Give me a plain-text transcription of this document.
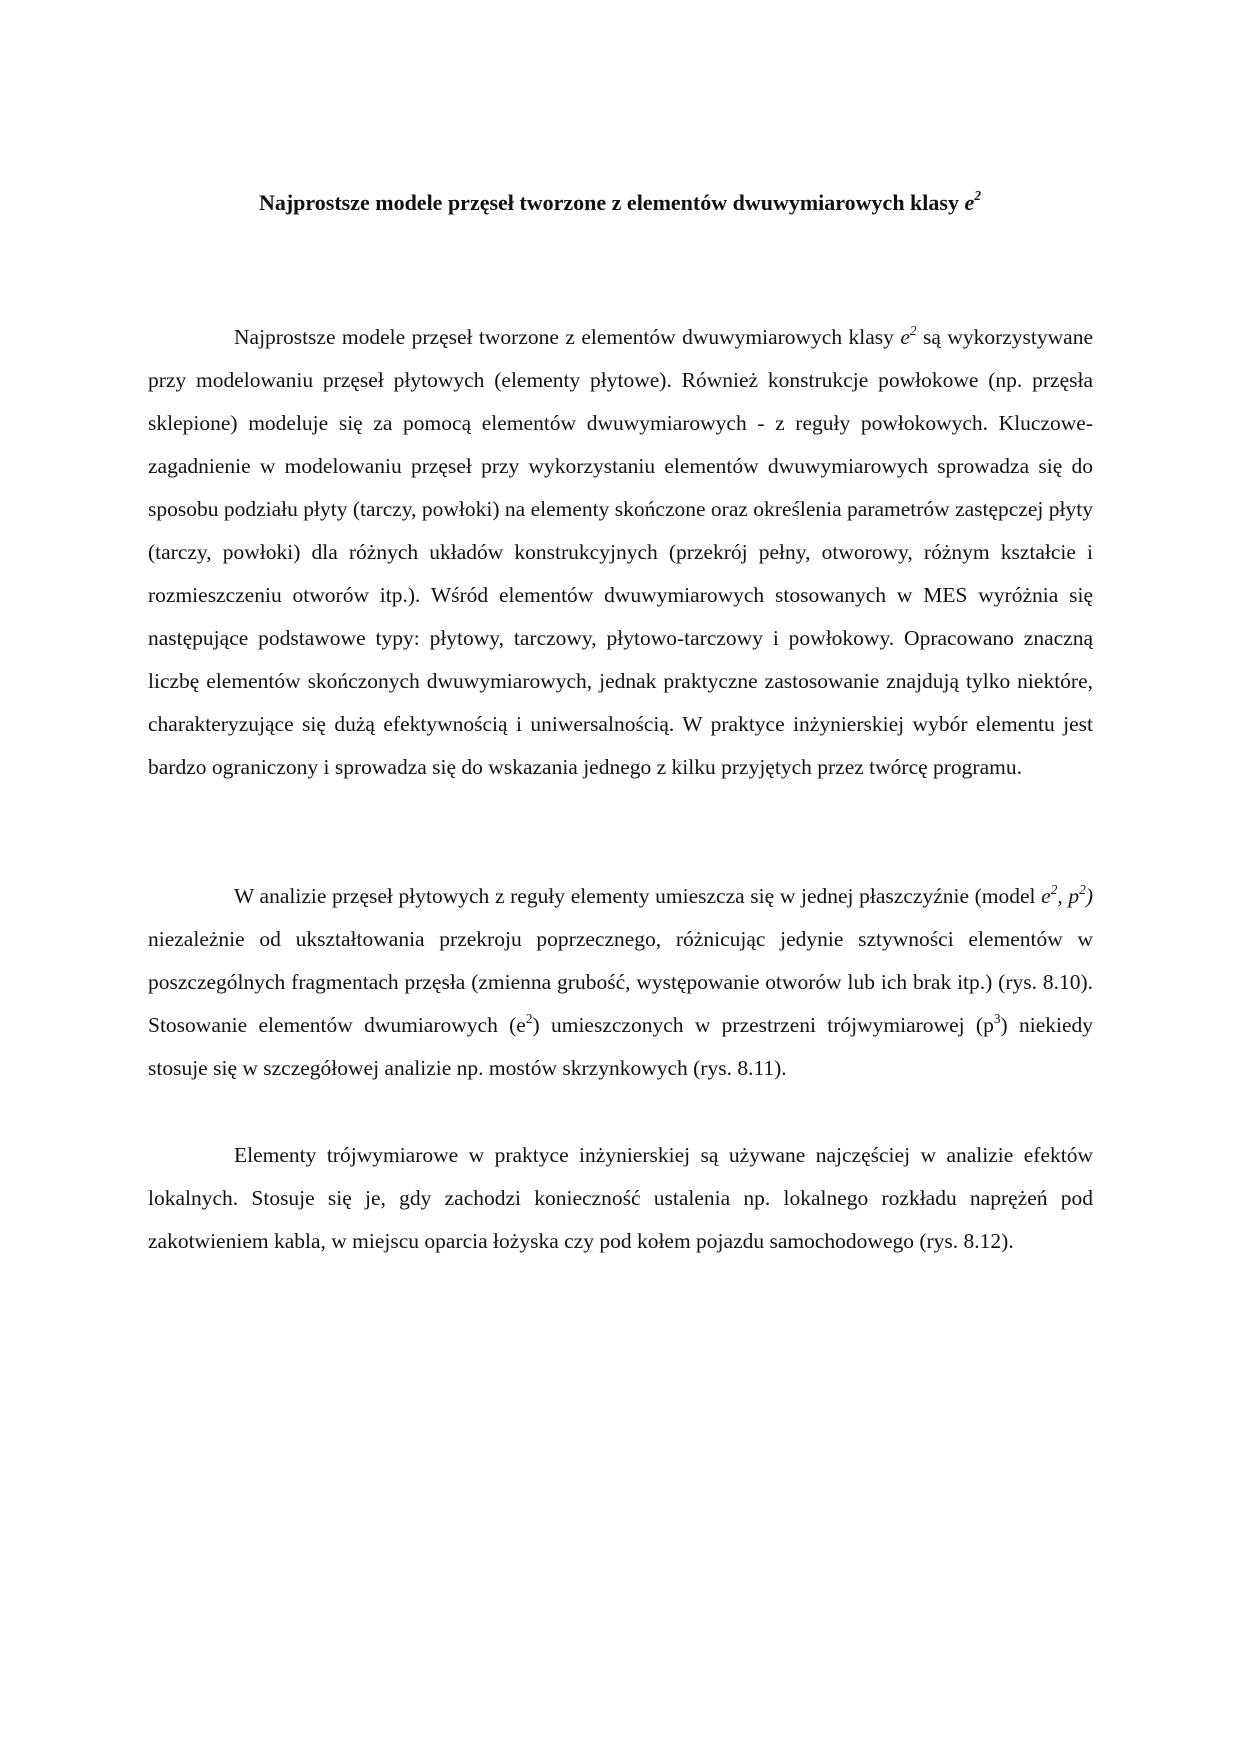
Najprostsze modele przęseł tworzone z elementów dwuwymiarowych klasy $e^2$

Najprostsze modele przęseł tworzone z elementów dwuwymiarowych klasy $e^2$ są wykorzystywane przy modelowaniu przęseł płytowych (elementy płytowe). Również konstrukcje powłokowe (np. przęsła sklepione) modeluje się za pomocą elementów dwuwymiarowych - z reguły powłokowych. Kluczowe-zagadnienie w modelowaniu przęseł przy wykorzystaniu elementów dwuwymiarowych sprowadza się do sposobu podziału płyty (tarczy, powłoki) na elementy skończone oraz określenia parametrów zastępczej płyty (tarczy, powłoki) dla różnych układów konstrukcyjnych (przekrój pełny, otworowy, różnym kształcie i rozmieszczeniu otworów itp.). Wśród elementów dwuwymiarowych stosowanych w MES wyróżnia się następujące podstawowe typy: płytowy, tarczowy, płytowo-tarczowy i powłokowy. Opracowano znaczną liczbę elementów skończonych dwuwymiarowych, jednak praktyczne zastosowanie znajdują tylko niektóre, charakteryzujące się dużą efektywnością i uniwersalnością. W praktyce inżynierskiej wybór elementu jest bardzo ograniczony i sprowadza się do wskazania jednego z kilku przyjętych przez twórcę programu.

W analizie przęseł płytowych z reguły elementy umieszcza się w jednej płaszczyźnie (model $e^2$, $p^2$) niezależnie od ukształtowania przekroju poprzecznego, różnicując jedynie sztywności elementów w poszczególnych fragmentach przęsła (zmienna grubość, występowanie otworów lub ich brak itp.) (rys. 8.10). Stosowanie elementów dwumiarowych $(e^2)$ umieszczonych w przestrzeni trójwymiarowej $(p^3)$ niekiedy stosuje się w szczegółowej analizie np. mostów skrzynkowych (rys. 8.11).

Elementy trójwymiarowe w praktyce inżynierskiej są używane najczęściej w analizie efektów lokalnych. Stosuje się je, gdy zachodzi konieczność ustalenia np. lokalnego rozkładu naprężeń pod zakotwieniem kabla, w miejscu oparcia łożyska czy pod kołem pojazdu samochodowego (rys. 8.12).
